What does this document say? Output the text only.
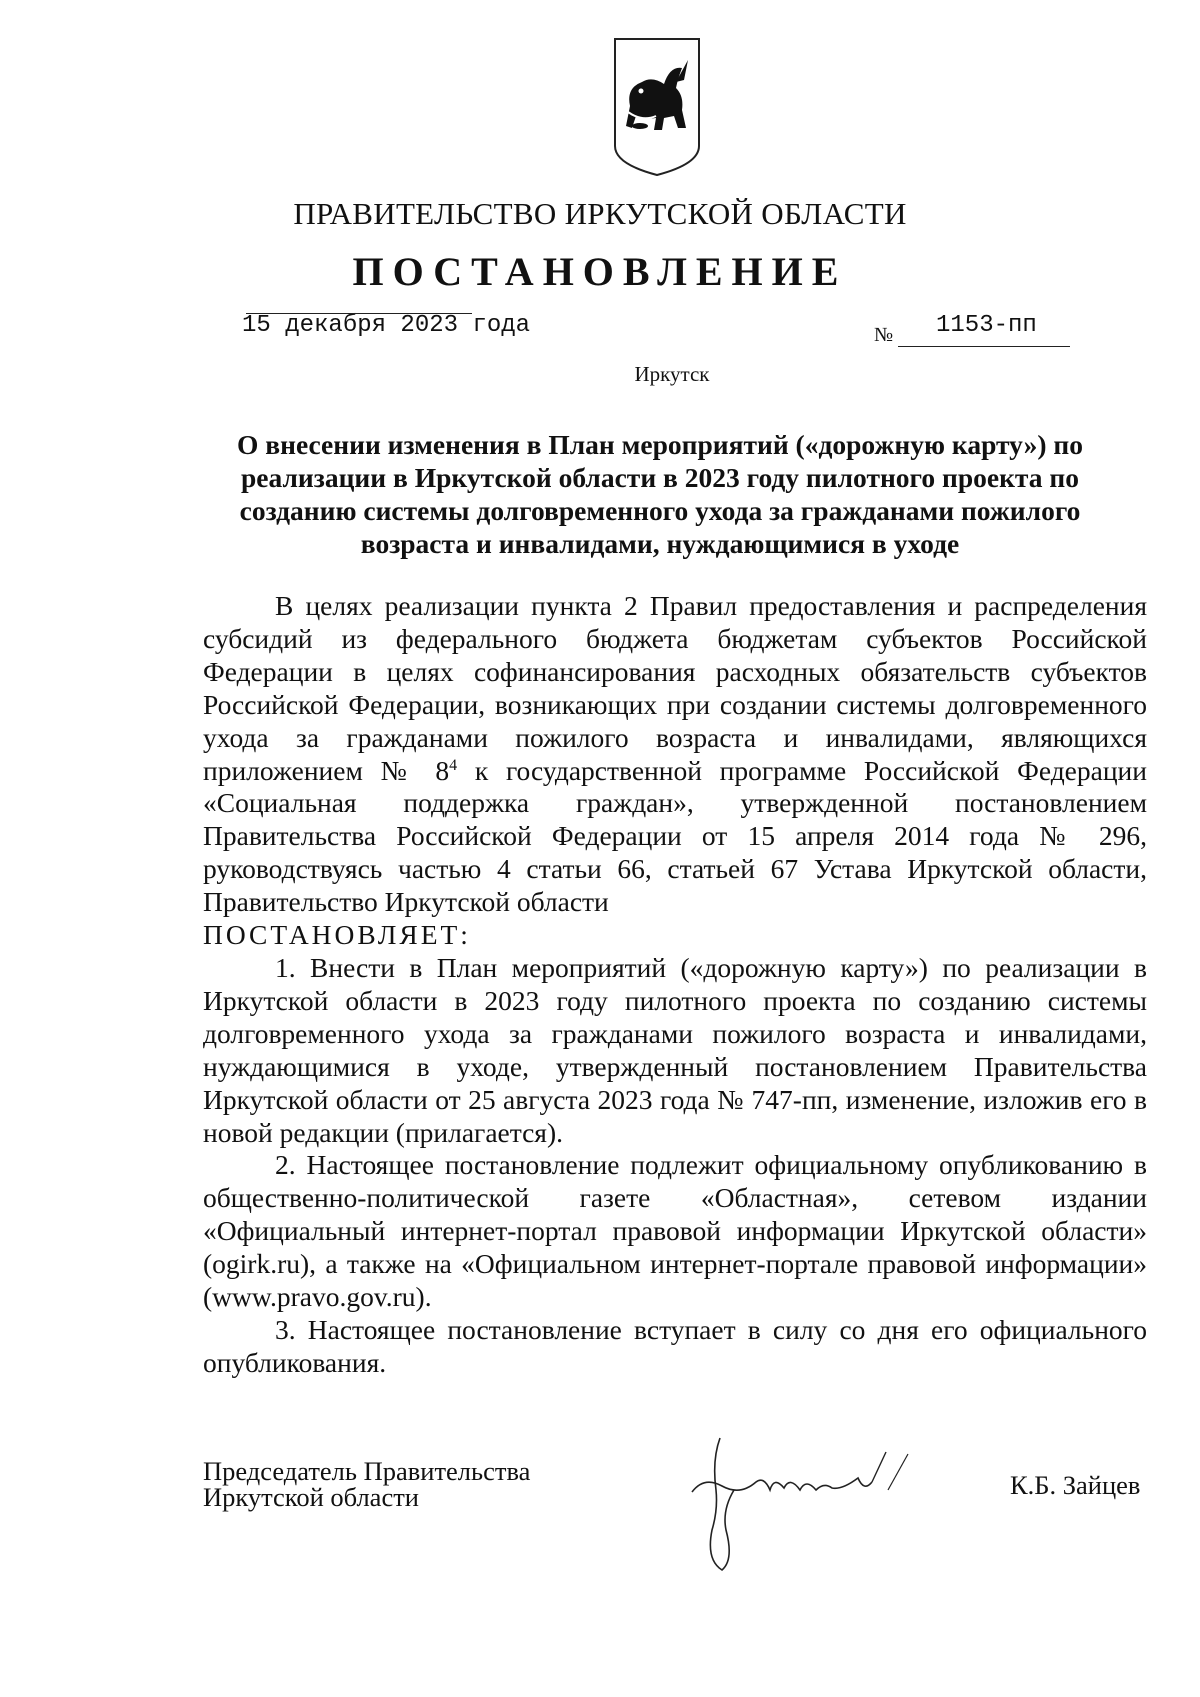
ПРАВИТЕЛЬСТВО ИРКУТСКОЙ ОБЛАСТИ
ПОСТАНОВЛЕНИЕ
15 декабря 2023 года	№ 1153-пп
Иркутск
О внесении изменения в План мероприятий («дорожную карту») по реализации в Иркутской области в 2023 году пилотного проекта по созданию системы долговременного ухода за гражданами пожилого возраста и инвалидами, нуждающимися в уходе

В целях реализации пункта 2 Правил предоставления и распределения субсидий из федерального бюджета бюджетам субъектов Российской Федерации в целях софинансирования расходных обязательств субъектов Российской Федерации, возникающих при создании системы долговременного ухода за гражданами пожилого возраста и инвалидами, являющихся приложением № $8^4$ к государственной программе Российской Федерации «Социальная поддержка граждан», утвержденной постановлением Правительства Российской Федерации от 15 апреля 2014 года № 296, руководствуясь частью 4 статьи 66, статьей 67 Устава Иркутской области, Правительство Иркутской области

ПОСТАНОВЛЯЕТ:

1. Внести в План мероприятий («дорожную карту») по реализации в Иркутской области в 2023 году пилотного проекта по созданию системы долговременного ухода за гражданами пожилого возраста и инвалидами, нуждающимися в уходе, утвержденный постановлением Правительства Иркутской области от 25 августа 2023 года № 747-пп, изменение, изложив его в новой редакции (прилагается).

2. Настоящее постановление подлежит официальному опубликованию в общественно-политической газете «Областная», сетевом издании «Официальный интернет-портал правовой информации Иркутской области» (ogirk.ru), а также на «Официальном интернет-портале правовой информации» (www.pravo.gov.ru).

3. Настоящее постановление вступает в силу со дня его официального опубликования.

Председатель Правительства
Иркутской области	К.Б. Зайцев
